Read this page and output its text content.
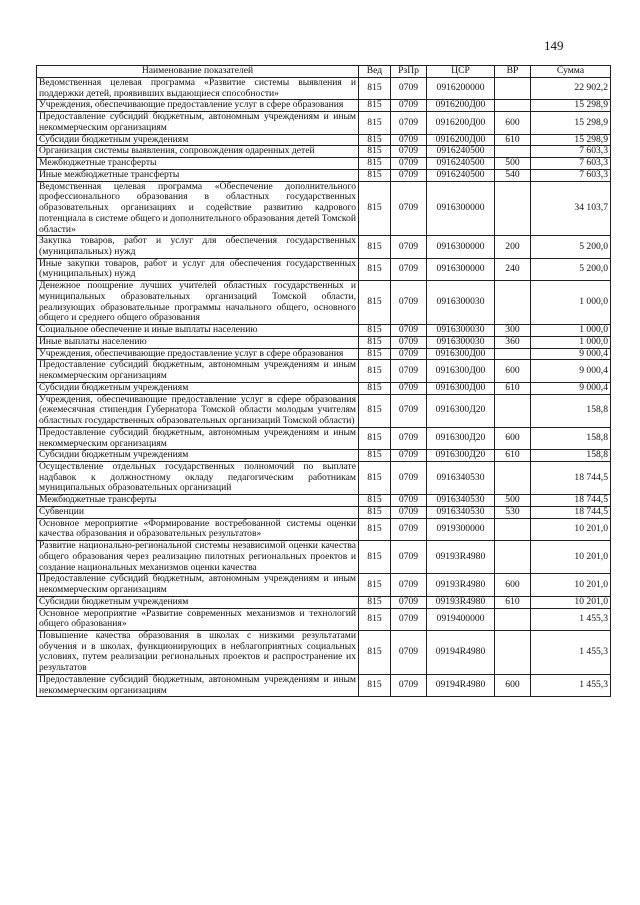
149
Наименование показателей	Вед	РзПр	ЦСР	ВР	Сумма
Ведомственная целевая программа «Развитие системы выявления и поддержки детей, проявивших выдающиеся способности»	815	0709	0916200000		22 902,2
Учреждения, обеспечивающие предоставление услуг в сфере образования	815	0709	0916200Д00		15 298,9
Предоставление субсидий бюджетным, автономным учреждениям и иным некоммерческим организациям	815	0709	0916200Д00	600	15 298,9
Субсидии бюджетным учреждениям	815	0709	0916200Д00	610	15 298,9
Организация системы выявления, сопровождения одаренных детей	815	0709	0916240500		7 603,3
Межбюджетные трансферты	815	0709	0916240500	500	7 603,3
Иные межбюджетные трансферты	815	0709	0916240500	540	7 603,3
Ведомственная целевая программа «Обеспечение дополнительного профессионального образования в областных государственных образовательных организациях и содействие развитию кадрового потенциала в системе общего и дополнительного образования детей Томской области»	815	0709	0916300000		34 103,7
Закупка товаров, работ и услуг для обеспечения государственных (муниципальных) нужд	815	0709	0916300000	200	5 200,0
Иные закупки товаров, работ и услуг для обеспечения государственных (муниципальных) нужд	815	0709	0916300000	240	5 200,0
Денежное поощрение лучших учителей областных государственных и муниципальных образовательных организаций Томской области, реализующих образовательные программы начального общего, основного общего и среднего общего образования	815	0709	0916300030		1 000,0
Социальное обеспечение и иные выплаты населению	815	0709	0916300030	300	1 000,0
Иные выплаты населению	815	0709	0916300030	360	1 000,0
Учреждения, обеспечивающие предоставление услуг в сфере образования	815	0709	0916300Д00		9 000,4
Предоставление субсидий бюджетным, автономным учреждениям и иным некоммерческим организациям	815	0709	0916300Д00	600	9 000,4
Субсидии бюджетным учреждениям	815	0709	0916300Д00	610	9 000,4
Учреждения, обеспечивающие предоставление услуг в сфере образования (ежемесячная стипендия Губернатора Томской области молодым учителям областных государственных образовательных организаций Томской области)	815	0709	0916300Д20		158,8
Предоставление субсидий бюджетным, автономным учреждениям и иным некоммерческим организациям	815	0709	0916300Д20	600	158,8
Субсидии бюджетным учреждениям	815	0709	0916300Д20	610	158,8
Осуществление отдельных государственных полномочий по выплате надбавок к должностному окладу педагогическим работникам муниципальных образовательных организаций	815	0709	0916340530		18 744,5
Межбюджетные трансферты	815	0709	0916340530	500	18 744,5
Субвенции	815	0709	0916340530	530	18 744,5
Основное мероприятие «Формирование востребованной системы оценки качества образования и образовательных результатов»	815	0709	0919300000		10 201,0
Развитие национально-региональной системы независимой оценки качества общего образования через реализацию пилотных региональных проектов и создание национальных механизмов оценки качества	815	0709	09193R4980		10 201,0
Предоставление субсидий бюджетным, автономным учреждениям и иным некоммерческим организациям	815	0709	09193R4980	600	10 201,0
Субсидии бюджетным учреждениям	815	0709	09193R4980	610	10 201,0
Основное мероприятие «Развитие современных механизмов и технологий общего образования»	815	0709	0919400000		1 455,3
Повышение качества образования в школах с низкими результатами обучения и в школах, функционирующих в неблагоприятных социальных условиях, путем реализации региональных проектов и распространение их результатов	815	0709	09194R4980		1 455,3
Предоставление субсидий бюджетным, автономным учреждениям и иным некоммерческим организациям	815	0709	09194R4980	600	1 455,3
